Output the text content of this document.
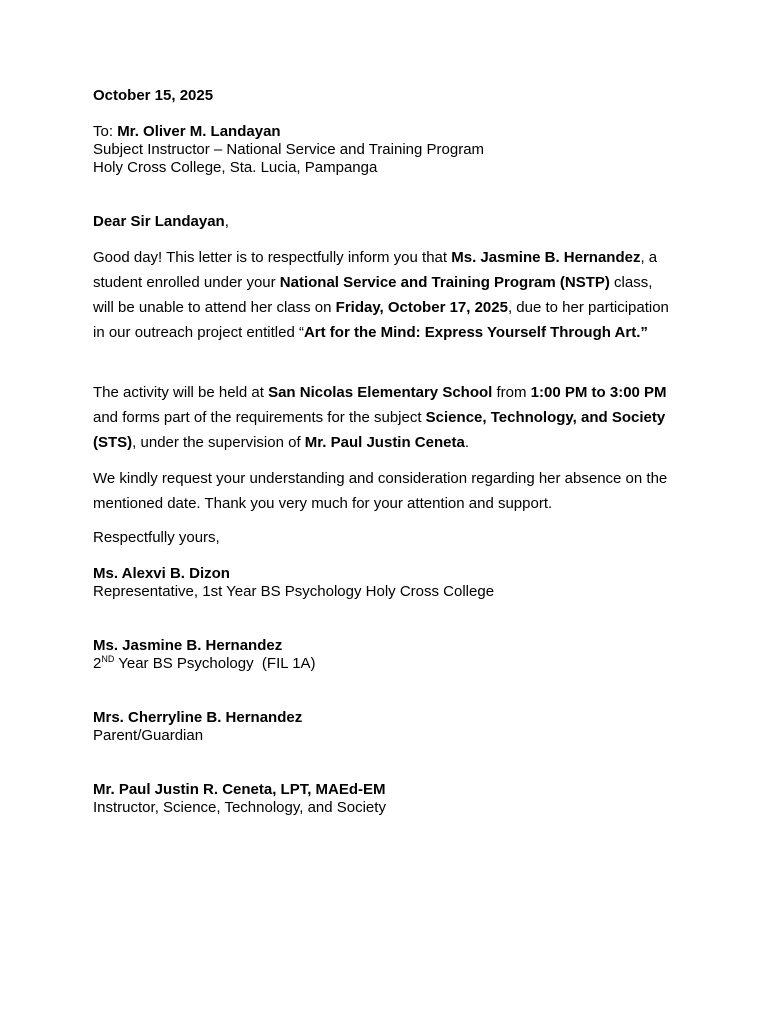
October 15, 2025
To: Mr. Oliver M. Landayan
Subject Instructor – National Service and Training Program
Holy Cross College, Sta. Lucia, Pampanga
Dear Sir Landayan,
Good day! This letter is to respectfully inform you that Ms. Jasmine B. Hernandez, a student enrolled under your National Service and Training Program (NSTP) class, will be unable to attend her class on Friday, October 17, 2025, due to her participation in our outreach project entitled “Art for the Mind: Express Yourself Through Art.”
The activity will be held at San Nicolas Elementary School from 1:00 PM to 3:00 PM and forms part of the requirements for the subject Science, Technology, and Society (STS), under the supervision of Mr. Paul Justin Ceneta.
We kindly request your understanding and consideration regarding her absence on the mentioned date. Thank you very much for your attention and support.
Respectfully yours,
Ms. Alexvi B. Dizon
Representative, 1st Year BS Psychology Holy Cross College
Ms. Jasmine B. Hernandez
2ND Year BS Psychology  (FIL 1A)
Mrs. Cherryline B. Hernandez
Parent/Guardian
Mr. Paul Justin R. Ceneta, LPT, MAEd-EM
Instructor, Science, Technology, and Society
